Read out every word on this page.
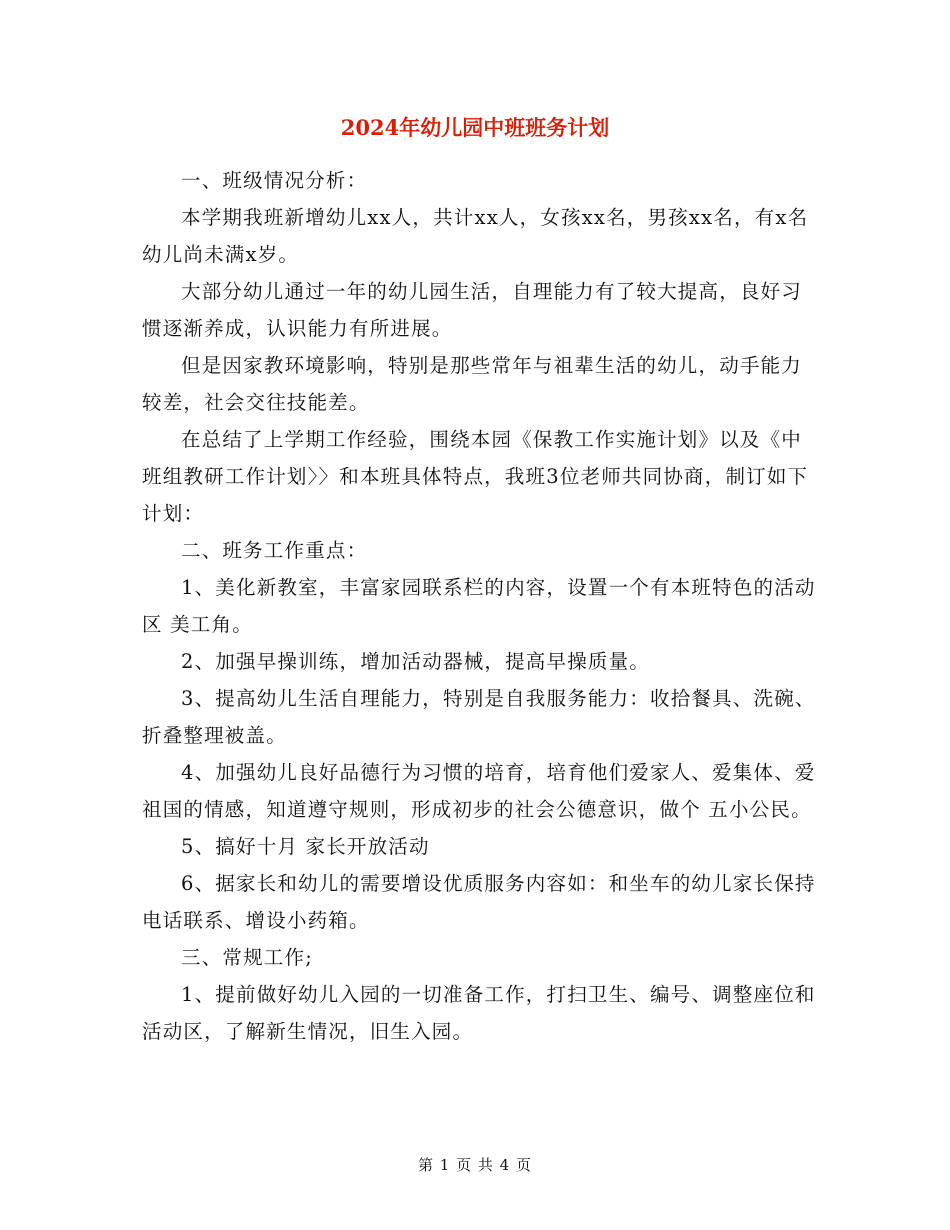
2024年幼儿园中班班务计划

一、班级情况分析：

本学期我班新增幼儿xx人，共计xx人，女孩xx名，男孩xx名，有x名幼儿尚未满x岁。

大部分幼儿通过一年的幼儿园生活，自理能力有了较大提高，良好习惯逐渐养成，认识能力有所进展。

但是因家教环境影响，特别是那些常年与祖辈生活的幼儿，动手能力较差，社会交往技能差。

在总结了上学期工作经验，围绕本园《保教工作实施计划》以及《中班组教研工作计划〉〉和本班具体特点，我班3位老师共同协商，制订如下计划：

二、班务工作重点：

1、美化新教室，丰富家园联系栏的内容，设置一个有本班特色的活动区 美工角。

2、加强早操训练，增加活动器械，提高早操质量。

3、提高幼儿生活自理能力，特别是自我服务能力：收拾餐具、洗碗、折叠整理被盖。

4、加强幼儿良好品德行为习惯的培育，培育他们爱家人、爱集体、爱祖国的情感，知道遵守规则，形成初步的社会公德意识，做个 五小公民。

5、搞好十月 家长开放活动

6、据家长和幼儿的需要增设优质服务内容如：和坐车的幼儿家长保持电话联系、增设小药箱。

三、常规工作;

1、提前做好幼儿入园的一切准备工作，打扫卫生、编号、调整座位和活动区，了解新生情况，旧生入园。

第 1 页 共 4 页
